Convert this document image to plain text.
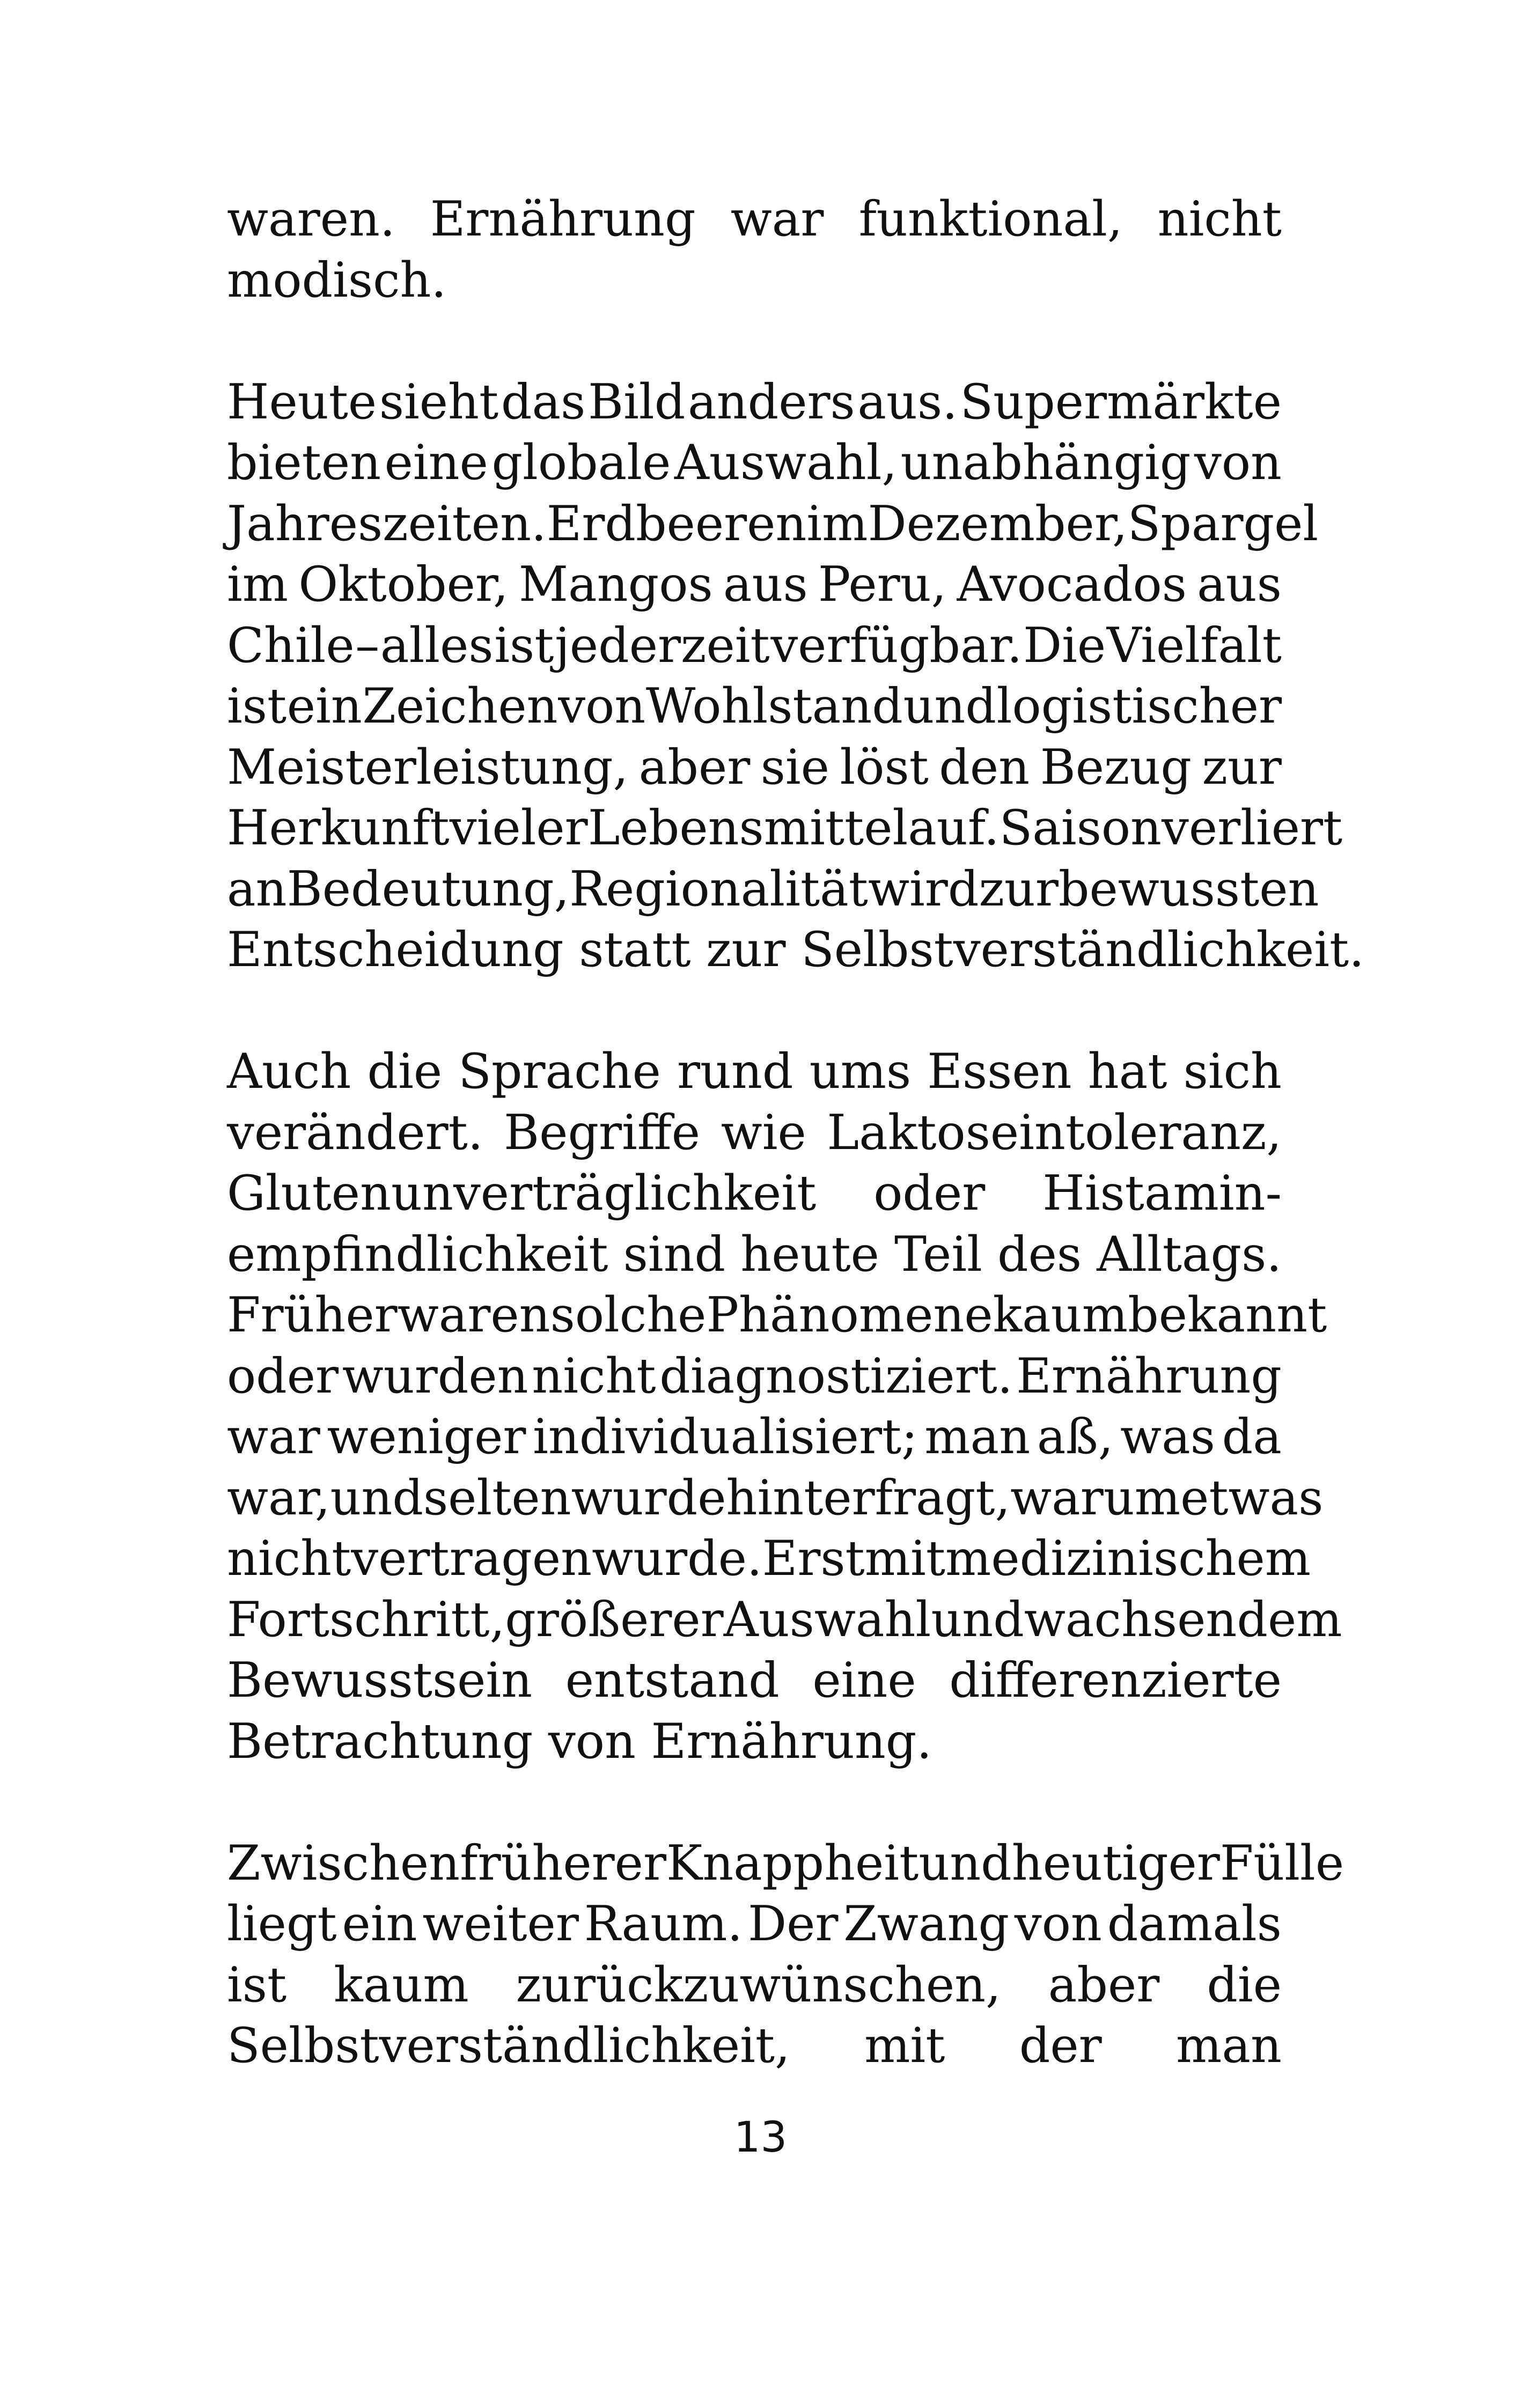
waren. Ernährung war funktional, nicht
modisch.
Heute sieht das Bild anders aus. Supermärkte
bieten eine globale Auswahl, unabhängig von
Jahreszeiten. Erdbeeren im Dezember, Spargel
im Oktober, Mangos aus Peru, Avocados aus
Chile – alles ist jederzeit verfügbar. Die Vielfalt
ist ein Zeichen von Wohlstand und logistischer
Meisterleistung, aber sie löst den Bezug zur
Herkunft vieler Lebensmittel auf. Saison verliert
an Bedeutung, Regionalität wird zur bewussten
Entscheidung statt zur Selbstverständlichkeit.
Auch die Sprache rund ums Essen hat sich
verändert. Begriffe wie Laktoseintoleranz,
Glutenunverträglichkeit oder Histamin-
empfindlichkeit sind heute Teil des Alltags.
Früher waren solche Phänomene kaum bekannt
oder wurden nicht diagnostiziert. Ernährung
war weniger individualisiert; man aß, was da
war, und selten wurde hinterfragt, warum etwas
nicht vertragen wurde. Erst mit medizinischem
Fortschritt, größerer Auswahl und wachsendem
Bewusstsein entstand eine differenzierte
Betrachtung von Ernährung.
Zwischen früherer Knappheit und heutiger Fülle
liegt ein weiter Raum. Der Zwang von damals
ist kaum zurückzuwünschen, aber die
Selbstverständlichkeit, mit der man
13
